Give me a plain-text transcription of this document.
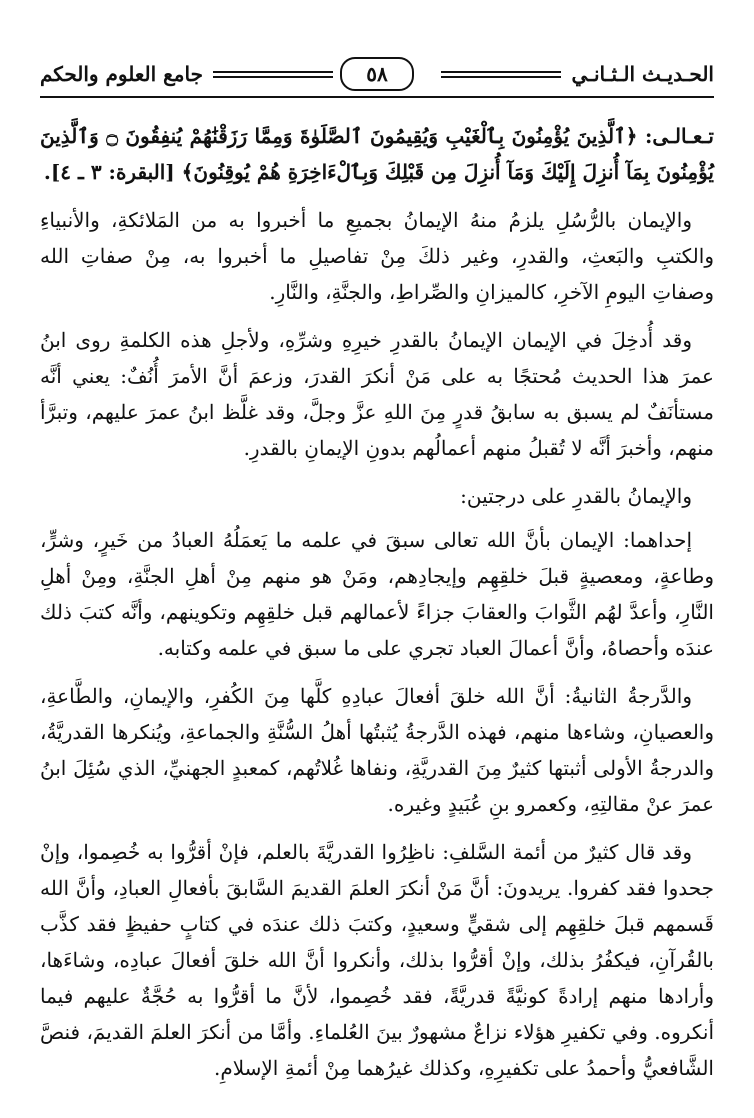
الحـديـث الـثـانـي
٥٨
جامع العلوم والحكم

تـعـالـى: ﴿ٱلَّذِينَ يُؤْمِنُونَ بِٱلْغَيْبِ وَيُقِيمُونَ ٱلصَّلَوٰةَ وَمِمَّا رَزَقْنَٰهُمْ يُنفِقُونَ ۝ وَٱلَّذِينَ يُؤْمِنُونَ بِمَآ أُنزِلَ إِلَيْكَ وَمَآ أُنزِلَ مِن قَبْلِكَ وَبِٱلْءَاخِرَةِ هُمْ يُوقِنُونَ﴾ [البقرة: ٣ ـ ٤].

والإيمان بالرُّسُلِ يلزمُ منهُ الإيمانُ بجميعِ ما أخبروا به من المَلائكةِ، والأنبياءِ والكتبِ والبَعثِ، والقدرِ، وغير ذلكَ مِنْ تفاصيلِ ما أخبروا به، مِنْ صفاتِ الله وصفاتِ اليومِ الآخرِ، كالميزانِ والصِّراطِ، والجنَّةِ، والنَّارِ.

وقد أُدخِلَ في الإيمان الإيمانُ بالقدرِ خيرِهِ وشرِّهِ، ولأجلِ هذه الكلمةِ روى ابنُ عمرَ هذا الحديث مُحتجًا به على مَنْ أنكرَ القدرَ، وزعمَ أنَّ الأمرَ أُنُفٌ: يعني أنَّه مستأنَفٌ لم يسبق به سابقُ قدرٍ مِنَ اللهِ عزَّ وجلَّ، وقد غلَّظ ابنُ عمرَ عليهم، وتبرَّأ منهم، وأخبرَ أنَّه لا تُقبلُ منهم أعمالُهم بدونِ الإيمانِ بالقدرِ.

والإيمانُ بالقدرِ على درجتين:

إحداهما: الإيمان بأنَّ الله تعالى سبقَ في علمه ما يَعمَلُهُ العبادُ من خَيرٍ، وشرٍّ، وطاعةٍ، ومعصيةٍ قبلَ خلقِهِم وإيجادِهم، ومَنْ هو منهم مِنْ أهلِ الجنَّةِ، ومِنْ أهلِ النَّارِ، وأعدَّ لهُم الثَّوابَ والعقابَ جزاءً لأعمالهم قبل خلقِهِم وتكوينهم، وأنَّه كتبَ ذلك عندَه وأحصاهُ، وأنَّ أعمالَ العباد تجري على ما سبق في علمه وكتابه.

والدَّرجةُ الثانيةُ: أنَّ الله خلقَ أفعالَ عبادِهِ كلَّها مِنَ الكُفرِ، والإيمانِ، والطَّاعةِ، والعصيانِ، وشاءها منهم، فهذه الدَّرجةُ يُثبتُها أهلُ السُّنَّةِ والجماعةِ، ويُنكرها القدريَّةُ، والدرجةُ الأولى أثبتها كثيرٌ مِنَ القدريَّةِ، ونفاها غُلاتُهم، كمعبدٍ الجهنيِّ، الذي سُئِلَ ابنُ عمرَ عنْ مقالتِهِ، وكعمرو بنِ عُبَيدٍ وغيره.

وقد قال كثيرٌ من أئمة السَّلفِ: ناظِرُوا القدريَّةَ بالعلم، فإنْ أقرُّوا به خُصِموا، وإنْ جحدوا فقد كفروا. يريدونَ: أنَّ مَنْ أنكرَ العلمَ القديمَ السَّابقَ بأفعالِ العبادِ، وأنَّ الله قَسمهم قبلَ خلقِهِم إلى شقيٍّ وسعيدٍ، وكتبَ ذلك عندَه في كتابٍ حفيظٍ فقد كذَّب بالقُرآنِ، فيكفُرُ بذلك، وإنْ أقرُّوا بذلك، وأنكروا أنَّ الله خلقَ أفعالَ عبادِه، وشاءَها، وأرادها منهم إرادةً كونيَّةً قدريَّةً، فقد خُصِموا، لأنَّ ما أقرُّوا به حُجَّةٌ عليهم فيما أنكروه. وفي تكفيرِ هؤلاء نزاعٌ مشهورٌ بينَ العُلماءِ. وأمَّا من أنكرَ العلمَ القديمَ، فنصَّ الشَّافعيُّ وأحمدُ على تكفيرِهِ، وكذلك غيرُهما مِنْ أئمةِ الإسلامِ.
